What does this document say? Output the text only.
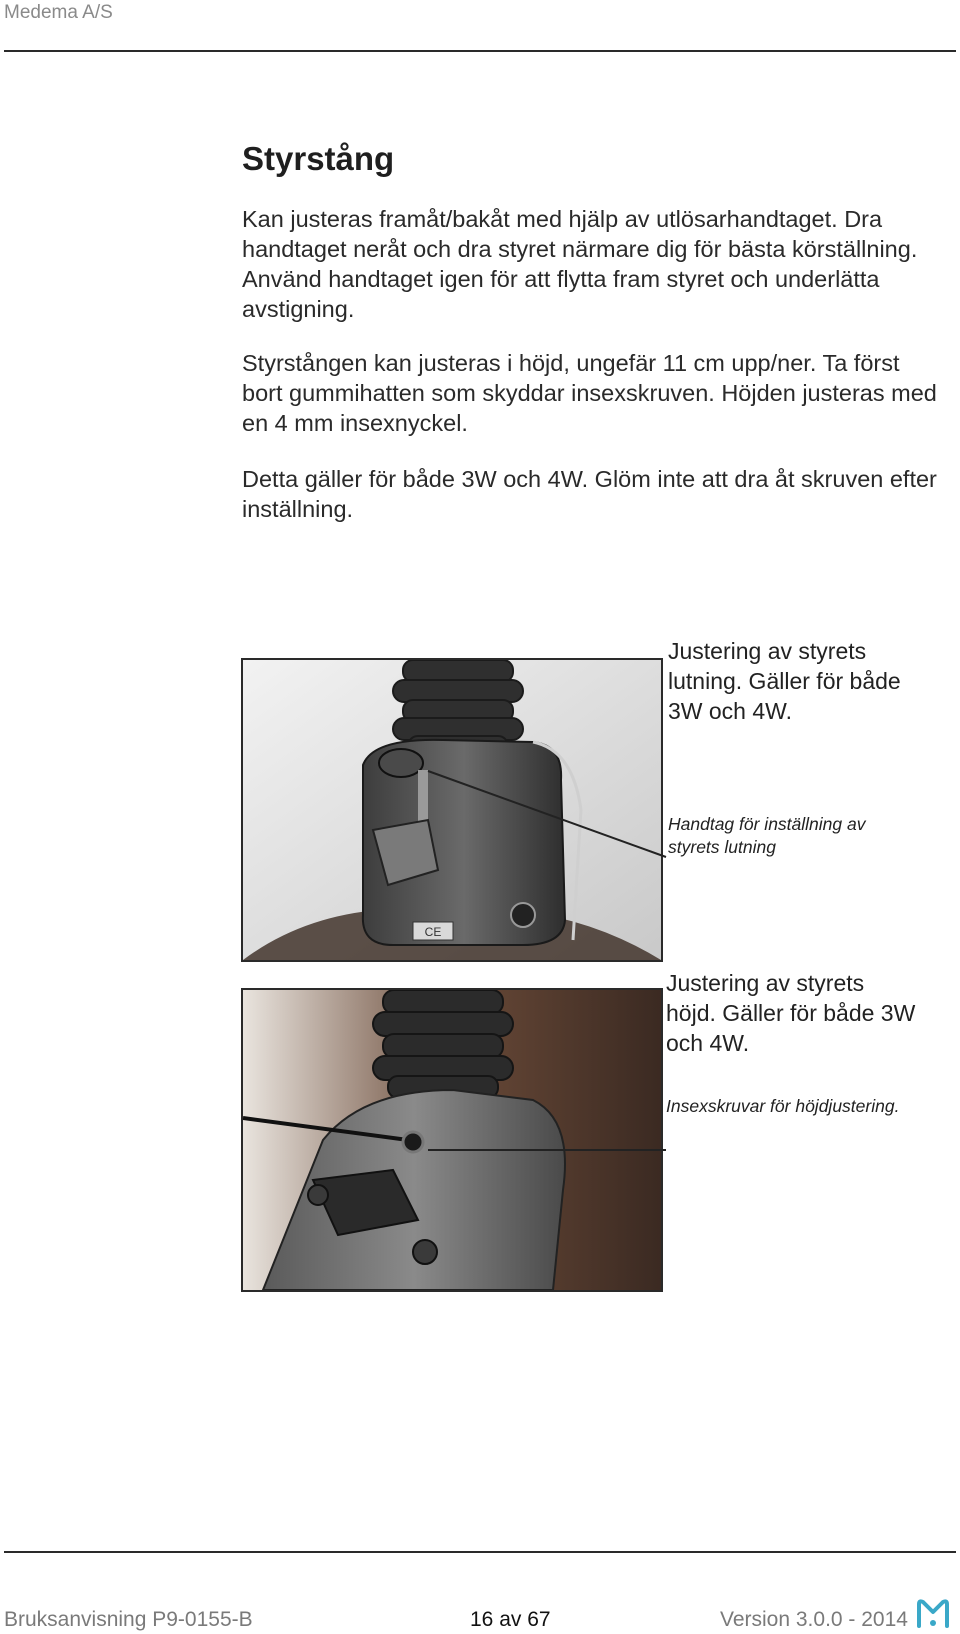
Medema A/S
Styrstång

Kan justeras framåt/bakåt med hjälp av utlösarhandtaget. Dra handtaget neråt och dra styret närmare dig för bästa körställning. Använd handtaget igen för att flytta fram styret och underlätta avstigning.

Styrstången kan justeras i höjd, ungefär 11 cm upp/ner. Ta först bort gummihatten som skyddar insexskruven. Höjden justeras med en 4 mm insexnyckel.

Detta gäller för både 3W och 4W. Glöm inte att dra åt skruven efter inställning.

CE

Justering av styrets lutning. Gäller för både 3W och 4W.

Handtag för inställning av styrets lutning

Justering av styrets höjd. Gäller för både 3W och 4W.

Insexskruvar för höjdjustering.

Bruksanvisning P9-0155-B	16 av 67	Version 3.0.0 - 2014
